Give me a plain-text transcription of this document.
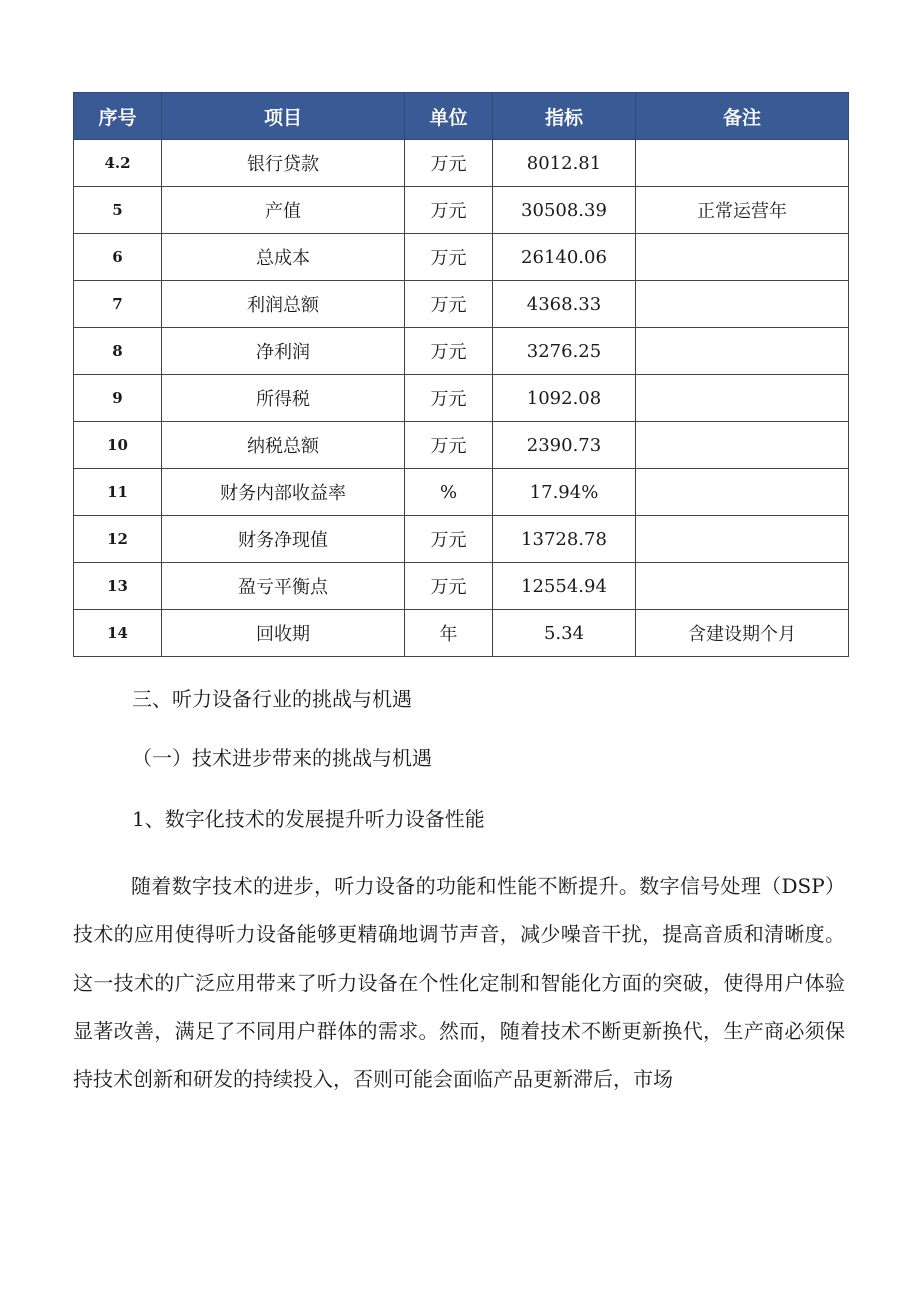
序号	项目	单位	指标	备注
4.2	银行贷款	万元	8012.81	
5	产值	万元	30508.39	正常运营年
6	总成本	万元	26140.06	
7	利润总额	万元	4368.33	
8	净利润	万元	3276.25	
9	所得税	万元	1092.08	
10	纳税总额	万元	2390.73	
11	财务内部收益率	%	17.94%	
12	财务净现值	万元	13728.78	
13	盈亏平衡点	万元	12554.94	
14	回收期	年	5.34	含建设期个月
三、听力设备行业的挑战与机遇
（一）技术进步带来的挑战与机遇
1、数字化技术的发展提升听力设备性能
随着数字技术的进步，听力设备的功能和性能不断提升。数字信号处理（DSP）技术的应用使得听力设备能够更精确地调节声音，减少噪音干扰，提高音质和清晰度。这一技术的广泛应用带来了听力设备在个性化定制和智能化方面的突破，使得用户体验显著改善，满足了不同用户群体的需求。然而，随着技术不断更新换代，生产商必须保持技术创新和研发的持续投入，否则可能会面临产品更新滞后，市场
